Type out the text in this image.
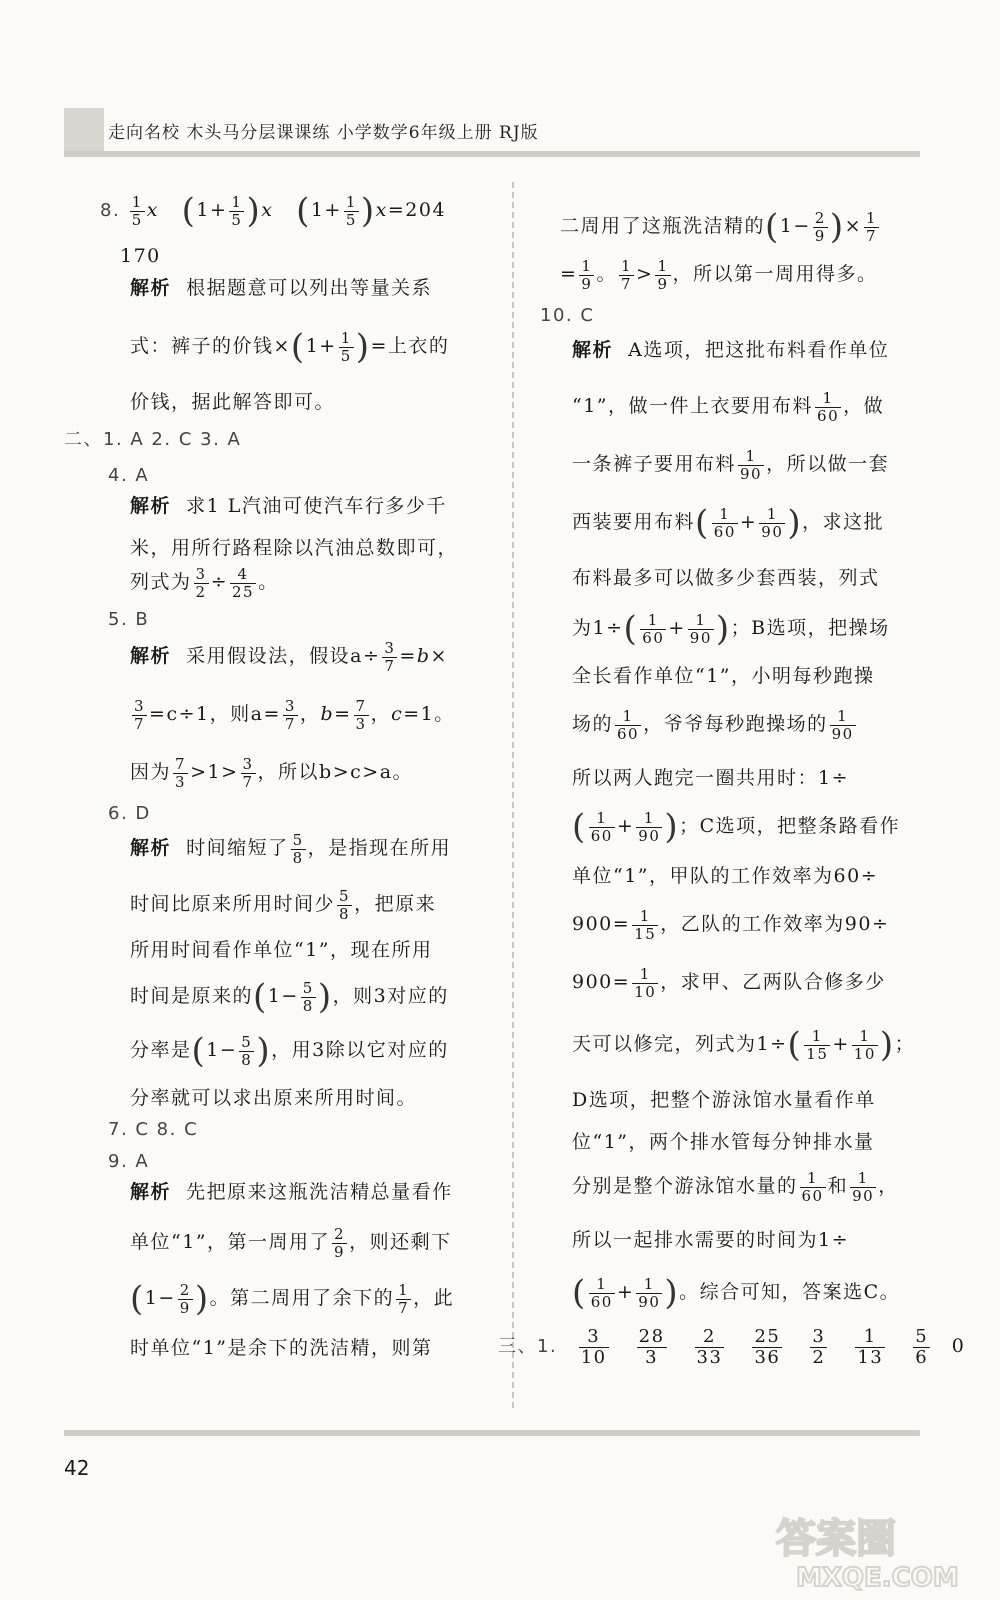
走向名校 木头马分层课课练 小学数学6年级上册 RJ版
8. $\frac{1}{5}$ x $(1+ \frac{1}{5} )x$ $(1+ \frac{1}{5} )x=204$
170
解析 根据题意可以列出等量关系
式：裤子的价钱$\times(1+ \frac{1}{5}$ )=上衣的
价钱，据此解答即可。
二、1. A 2. C 3. A
4. A
解析 求1 L汽油可使汽车行多少千
米，用所行路程除以汽油总数即可，
列式为 $\frac{3}{2} \div \frac{4}{25}$ 。
5. B
解析 采用假设法，假设$a\div \frac{3}{7} =b\times$
$\frac{3}{7} =c\div 1$，则$a= \frac{3}{7}$ ，$b= \frac{7}{3}$ ，c=1。
因为 $\frac{7}{3} >1> \frac{3}{7}$ ，所以b>c>a。
6. D
解析 时间缩短了 $\frac{5}{8}$ ，是指现在所用
时间比原来所用时间少 $\frac{5}{8}$ ，把原来
所用时间看作单位“1”，现在所用
时间是原来的($1- \frac{5}{8}$ )，则3对应的
分率是($1- \frac{5}{8}$ )，用3除以它对应的
分率就可以求出原来所用时间。
7. C 8. C
9. A
解析 先把原来这瓶洗洁精总量看作
单位“1”，第一周用了 $\frac{2}{9}$ ，则还剩下
($1- \frac{2}{9}$ )。第二周用了余下的 $\frac{1}{7}$ ，此
时单位“1”是余下的洗洁精，则第
二周用了这瓶洗洁精的($1- \frac{2}{9}$ )× $\frac{1}{7}$
= $\frac{1}{9}$ 。 $\frac{1}{7} > \frac{1}{9}$ ，所以第一周用得多。
10. C
解析 A选项，把这批布料看作单位
“1”，做一件上衣要用布料 $\frac{1}{60}$ ，做
一条裤子要用布料 $\frac{1}{90}$ ，所以做一套
西装要用布料( $\frac{1}{60} + \frac{1}{90}$ )，求这批
布料最多可以做多少套西装，列式
为$1\div( \frac{1}{60} + \frac{1}{90}$ )；B选项，把操场
全长看作单位“1”，小明每秒跑操
场的 $\frac{1}{60}$ ，爷爷每秒跑操场的 $\frac{1}{90}$
所以两人跑完一圈共用时：1÷
( $\frac{1}{60} + \frac{1}{90}$ )；C选项，把整条路看作
单位“1”，甲队的工作效率为60÷
$900= \frac{1}{15}$ ，乙队的工作效率为90÷
$900= \frac{1}{10}$ ，求甲、乙两队合修多少
天可以修完，列式为$1\div( \frac{1}{15} + \frac{1}{10}$ )；
D选项，把整个游泳馆水量看作单
位“1”，两个排水管每分钟排水量
分别是整个游泳馆水量的 $\frac{1}{60}$ 和 $\frac{1}{90}$ ，
所以一起排水需要的时间为1÷
( $\frac{1}{60} + \frac{1}{90}$ )。综合可知，答案选C。
三、1. $\frac{3}{10} \frac{28}{3} \frac{2}{33} \frac{25}{36} \frac{3}{2} \frac{1}{13} \frac{5}{6} 0$
42
答案圈
MXQE.COM
